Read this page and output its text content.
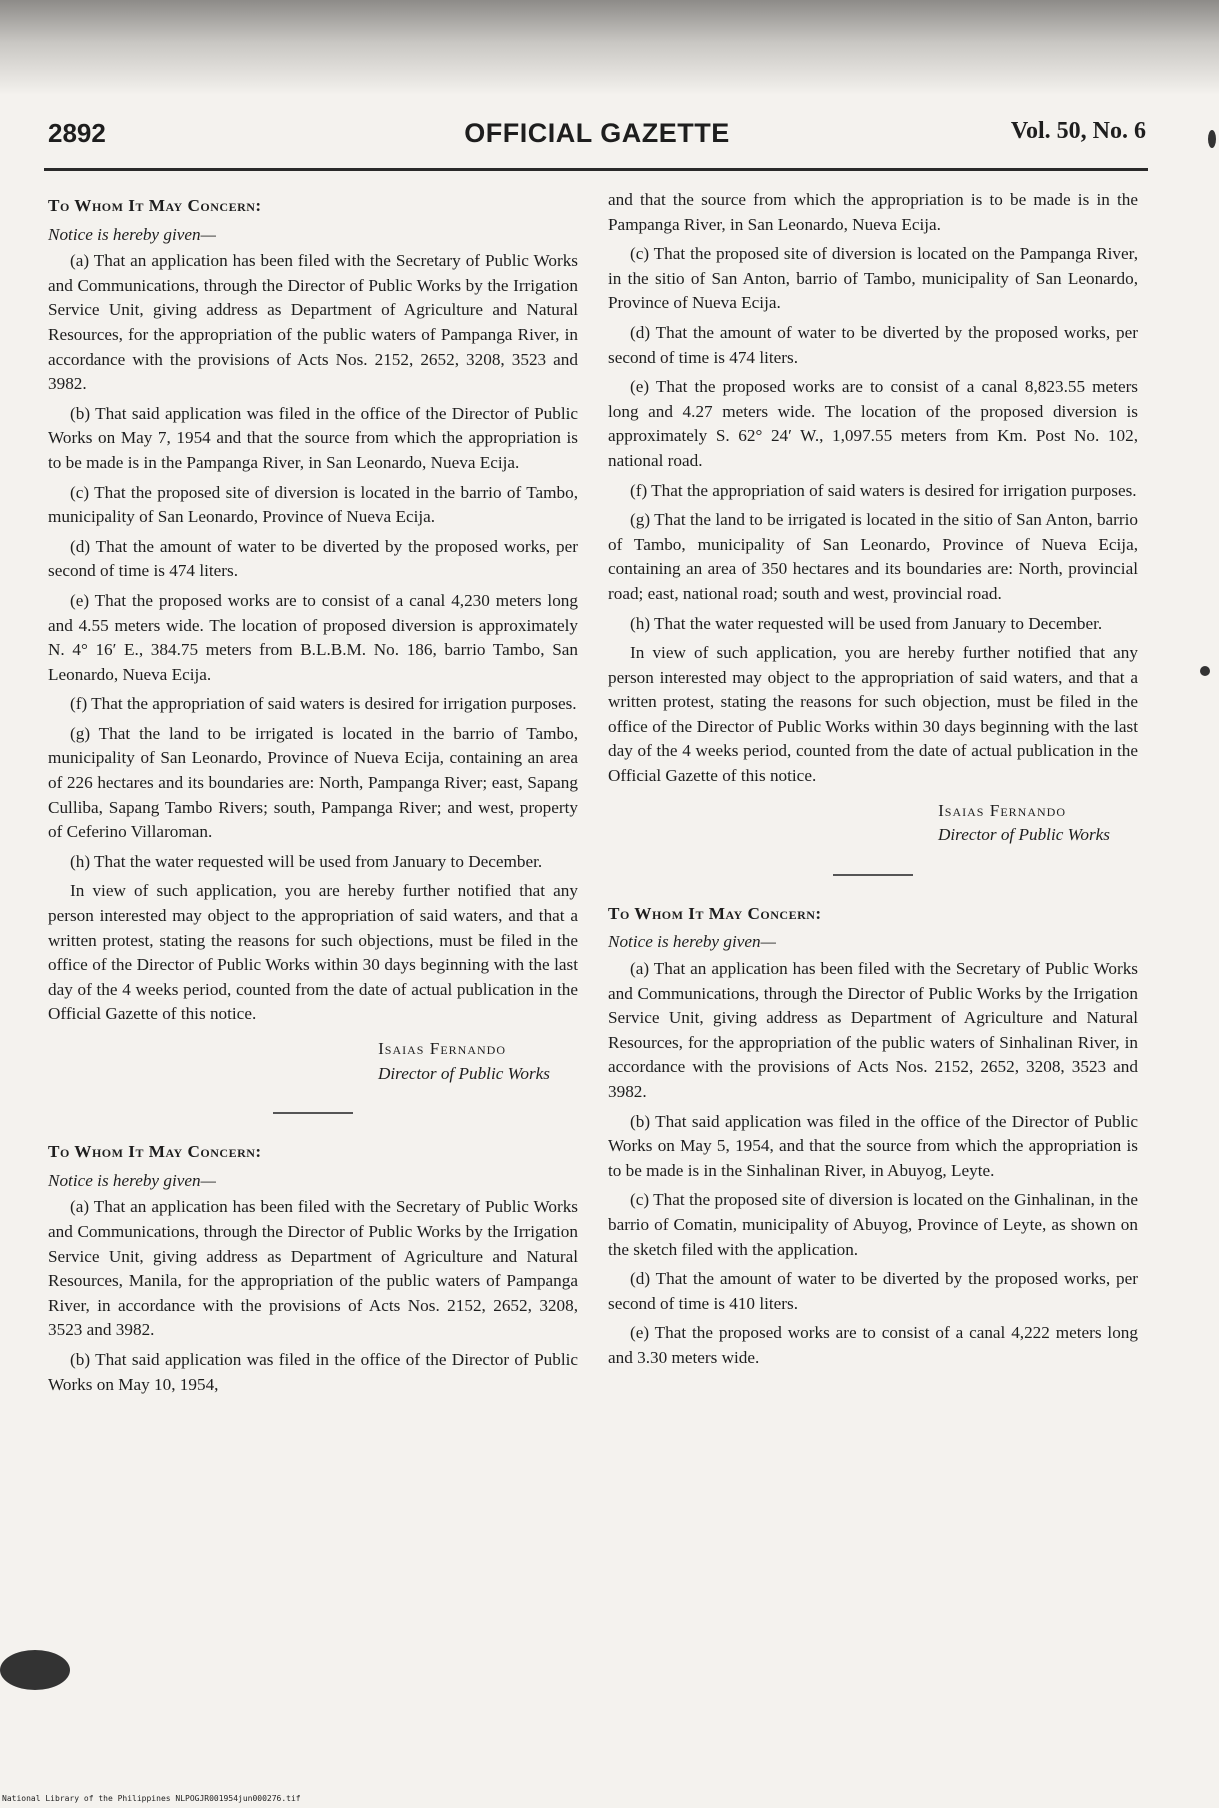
2892	OFFICIAL GAZETTE	Vol. 50, No. 6
To Whom It May Concern:
Notice is hereby given—

(a) That an application has been filed with the Secretary of Public Works and Communications, through the Director of Public Works by the Irrigation Service Unit, giving address as Department of Agriculture and Natural Resources, for the appropriation of the public waters of Pampanga River, in accordance with the provisions of Acts Nos. 2152, 2652, 3208, 3523 and 3982.

(b) That said application was filed in the office of the Director of Public Works on May 7, 1954 and that the source from which the appropriation is to be made is in the Pampanga River, in San Leonardo, Nueva Ecija.

(c) That the proposed site of diversion is located in the barrio of Tambo, municipality of San Leonardo, Province of Nueva Ecija.

(d) That the amount of water to be diverted by the proposed works, per second of time is 474 liters.

(e) That the proposed works are to consist of a canal 4,230 meters long and 4.55 meters wide. The location of proposed diversion is approximately N. 4° 16′ E., 384.75 meters from B.L.B.M. No. 186, barrio Tambo, San Leonardo, Nueva Ecija.

(f) That the appropriation of said waters is desired for irrigation purposes.

(g) That the land to be irrigated is located in the barrio of Tambo, municipality of San Leonardo, Province of Nueva Ecija, containing an area of 226 hectares and its boundaries are: North, Pampanga River; east, Sapang Culliba, Sapang Tambo Rivers; south, Pampanga River; and west, property of Ceferino Villaroman.

(h) That the water requested will be used from January to December.

In view of such application, you are hereby further notified that any person interested may object to the appropriation of said waters, and that a written protest, stating the reasons for such objections, must be filed in the office of the Director of Public Works within 30 days beginning with the last day of the 4 weeks period, counted from the date of actual publication in the Official Gazette of this notice.

Isaias Fernando
Director of Public Works
To Whom It May Concern:
Notice is hereby given—

(a) That an application has been filed with the Secretary of Public Works and Communications, through the Director of Public Works by the Irrigation Service Unit, giving address as Department of Agriculture and Natural Resources, Manila, for the appropriation of the public waters of Pampanga River, in accordance with the provisions of Acts Nos. 2152, 2652, 3208, 3523 and 3982.

(b) That said application was filed in the office of the Director of Public Works on May 10, 1954,

and that the source from which the appropriation is to be made is in the Pampanga River, in San Leonardo, Nueva Ecija.

(c) That the proposed site of diversion is located on the Pampanga River, in the sitio of San Anton, barrio of Tambo, municipality of San Leonardo, Province of Nueva Ecija.

(d) That the amount of water to be diverted by the proposed works, per second of time is 474 liters.

(e) That the proposed works are to consist of a canal 8,823.55 meters long and 4.27 meters wide. The location of the proposed diversion is approximately S. 62° 24′ W., 1,097.55 meters from Km. Post No. 102, national road.

(f) That the appropriation of said waters is desired for irrigation purposes.

(g) That the land to be irrigated is located in the sitio of San Anton, barrio of Tambo, municipality of San Leonardo, Province of Nueva Ecija, containing an area of 350 hectares and its boundaries are: North, provincial road; east, national road; south and west, provincial road.

(h) That the water requested will be used from January to December.

In view of such application, you are hereby further notified that any person interested may object to the appropriation of said waters, and that a written protest, stating the reasons for such objection, must be filed in the office of the Director of Public Works within 30 days beginning with the last day of the 4 weeks period, counted from the date of actual publication in the Official Gazette of this notice.

Isaias Fernando
Director of Public Works
To Whom It May Concern:
Notice is hereby given—

(a) That an application has been filed with the Secretary of Public Works and Communications, through the Director of Public Works by the Irrigation Service Unit, giving address as Department of Agriculture and Natural Resources, for the appropriation of the public waters of Sinhalinan River, in accordance with the provisions of Acts Nos. 2152, 2652, 3208, 3523 and 3982.

(b) That said application was filed in the office of the Director of Public Works on May 5, 1954, and that the source from which the appropriation is to be made is in the Sinhalinan River, in Abuyog, Leyte.

(c) That the proposed site of diversion is located on the Ginhalinan, in the barrio of Comatin, municipality of Abuyog, Province of Leyte, as shown on the sketch filed with the application.

(d) That the amount of water to be diverted by the proposed works, per second of time is 410 liters.

(e) That the proposed works are to consist of a canal 4,222 meters long and 3.30 meters wide.

National Library of the Philippines NLPOGJR001954jun000276.tif
